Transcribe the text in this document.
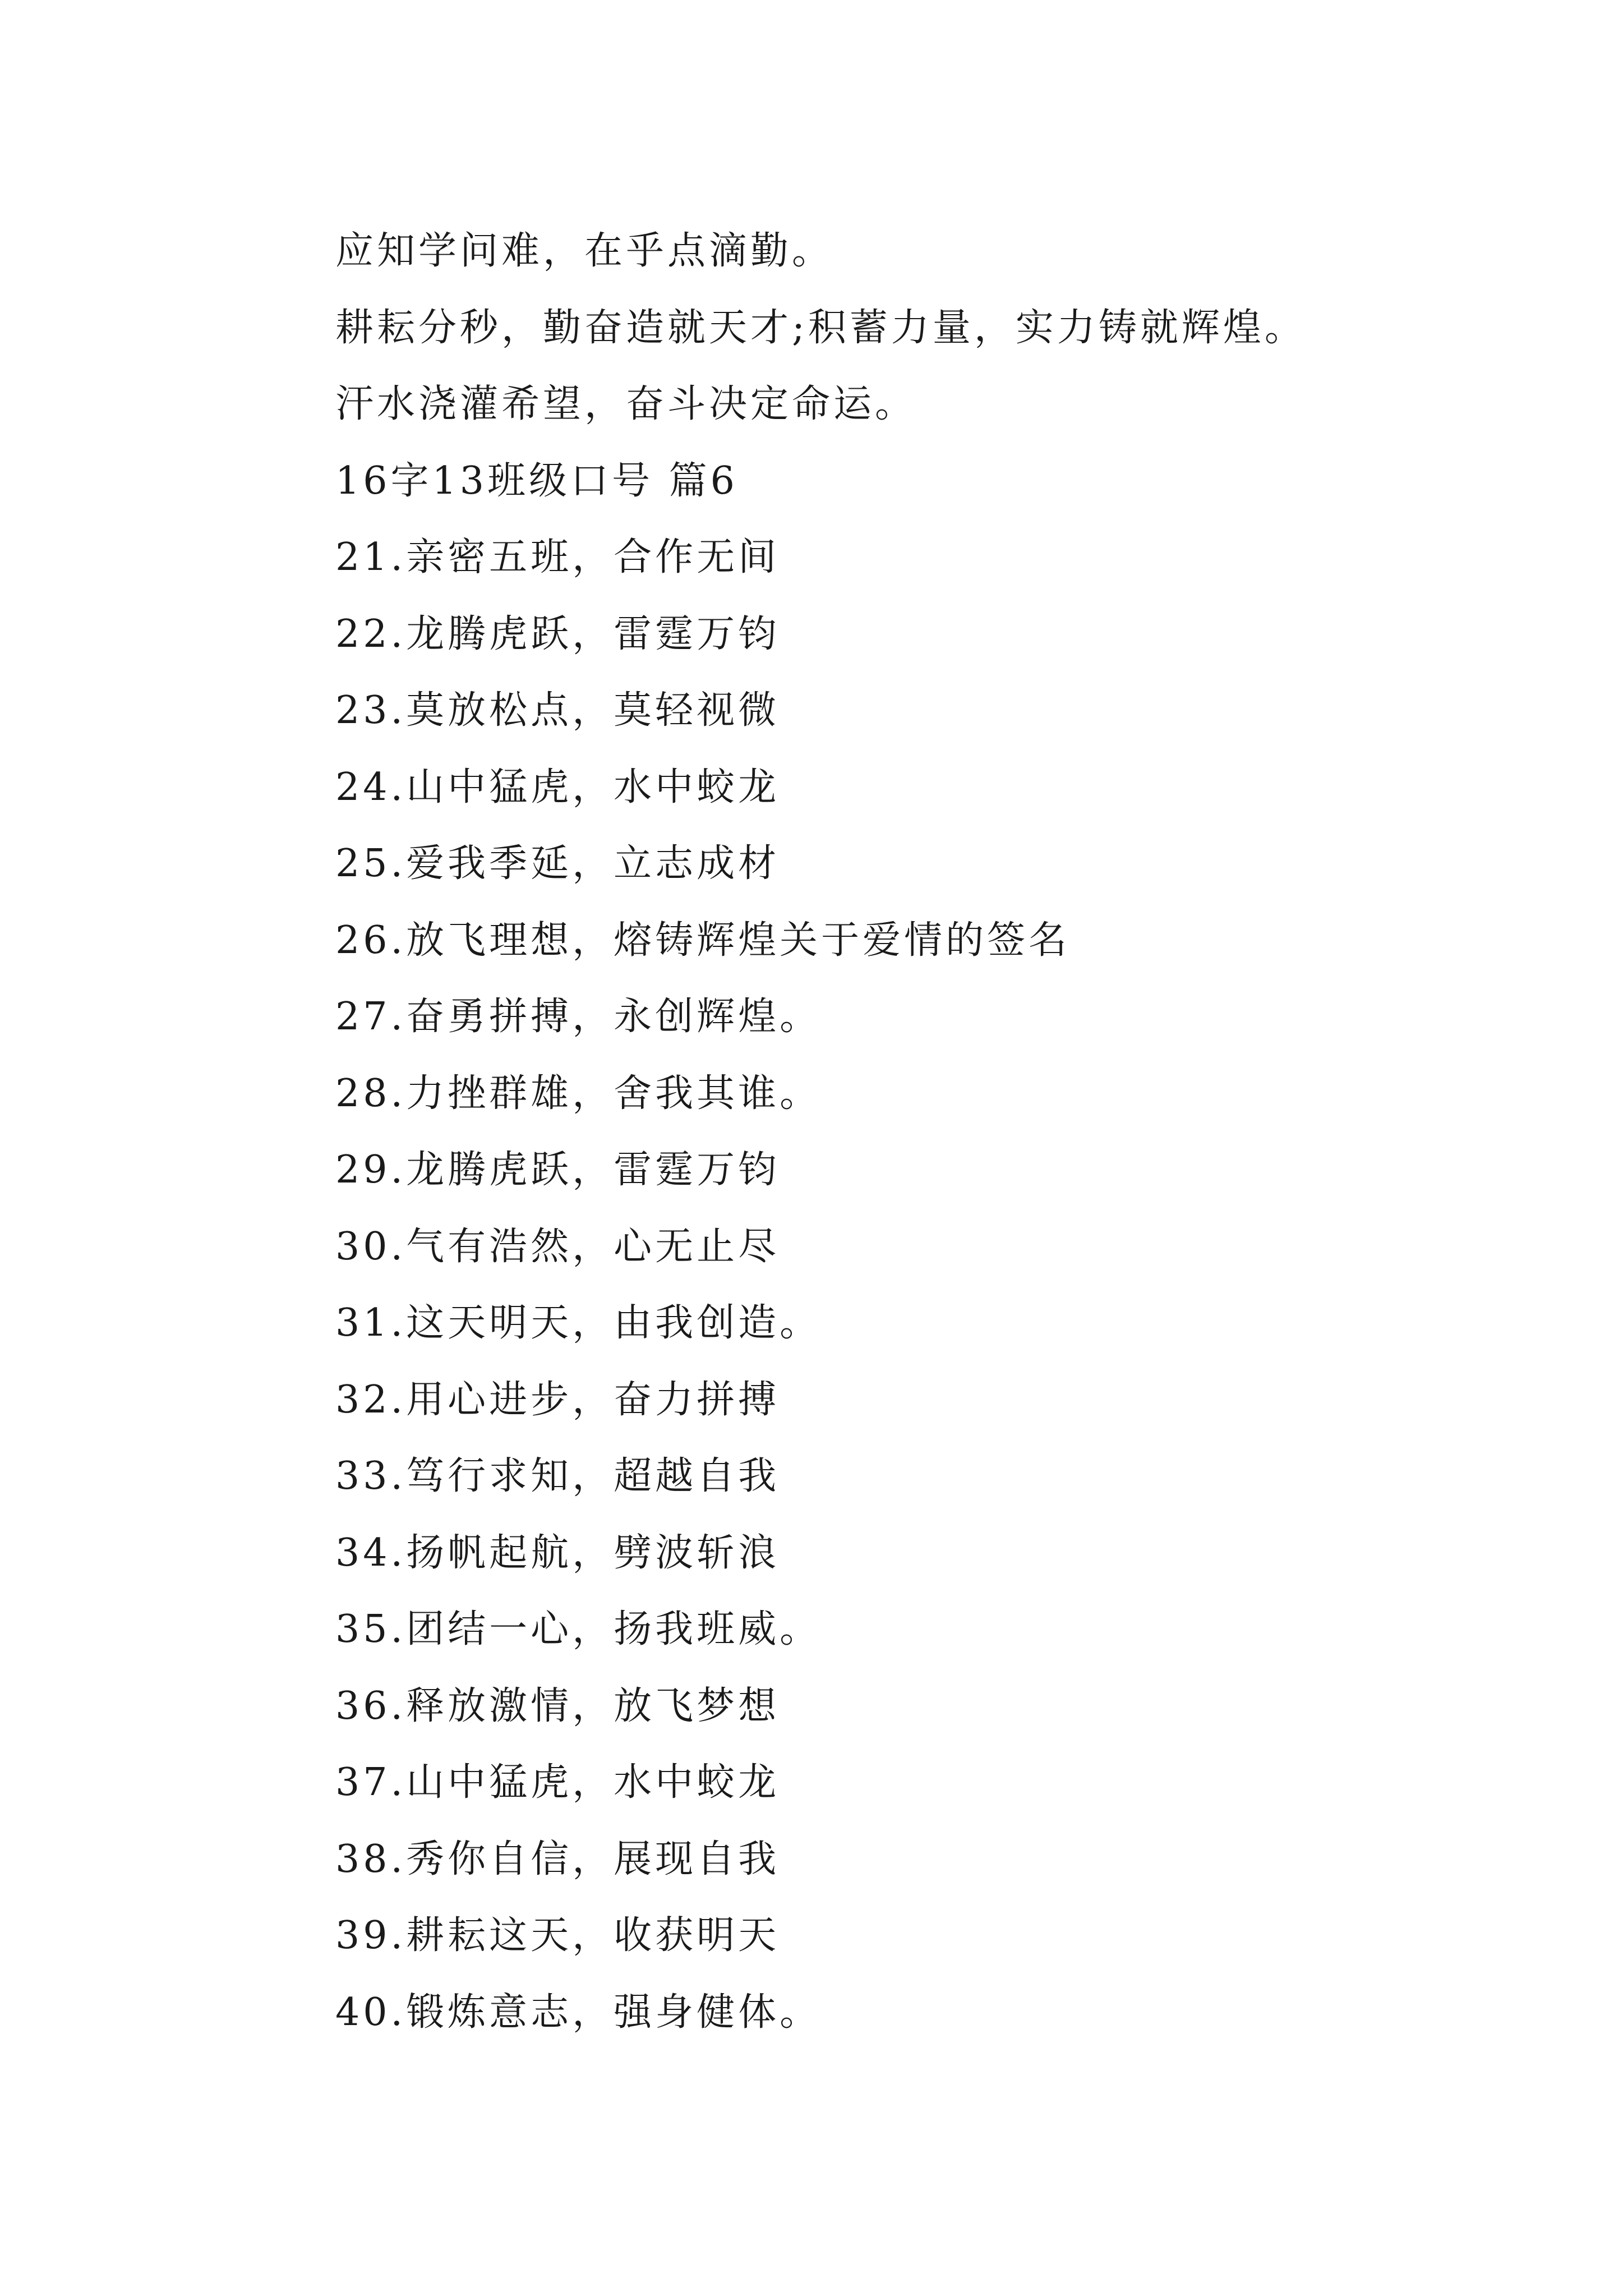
应知学问难，在乎点滴勤。
耕耘分秒，勤奋造就天才;积蓄力量，实力铸就辉煌。
汗水浇灌希望，奋斗决定命运。
16字13班级口号 篇6
21.亲密五班，合作无间
22.龙腾虎跃，雷霆万钧
23.莫放松点，莫轻视微
24.山中猛虎，水中蛟龙
25.爱我季延，立志成材
26.放飞理想，熔铸辉煌关于爱情的签名
27.奋勇拼搏，永创辉煌。
28.力挫群雄，舍我其谁。
29.龙腾虎跃，雷霆万钧
30.气有浩然，心无止尽
31.这天明天，由我创造。
32.用心进步，奋力拼搏
33.笃行求知，超越自我
34.扬帆起航，劈波斩浪
35.团结一心，扬我班威。
36.释放激情，放飞梦想
37.山中猛虎，水中蛟龙
38.秀你自信，展现自我
39.耕耘这天，收获明天
40.锻炼意志，强身健体。
